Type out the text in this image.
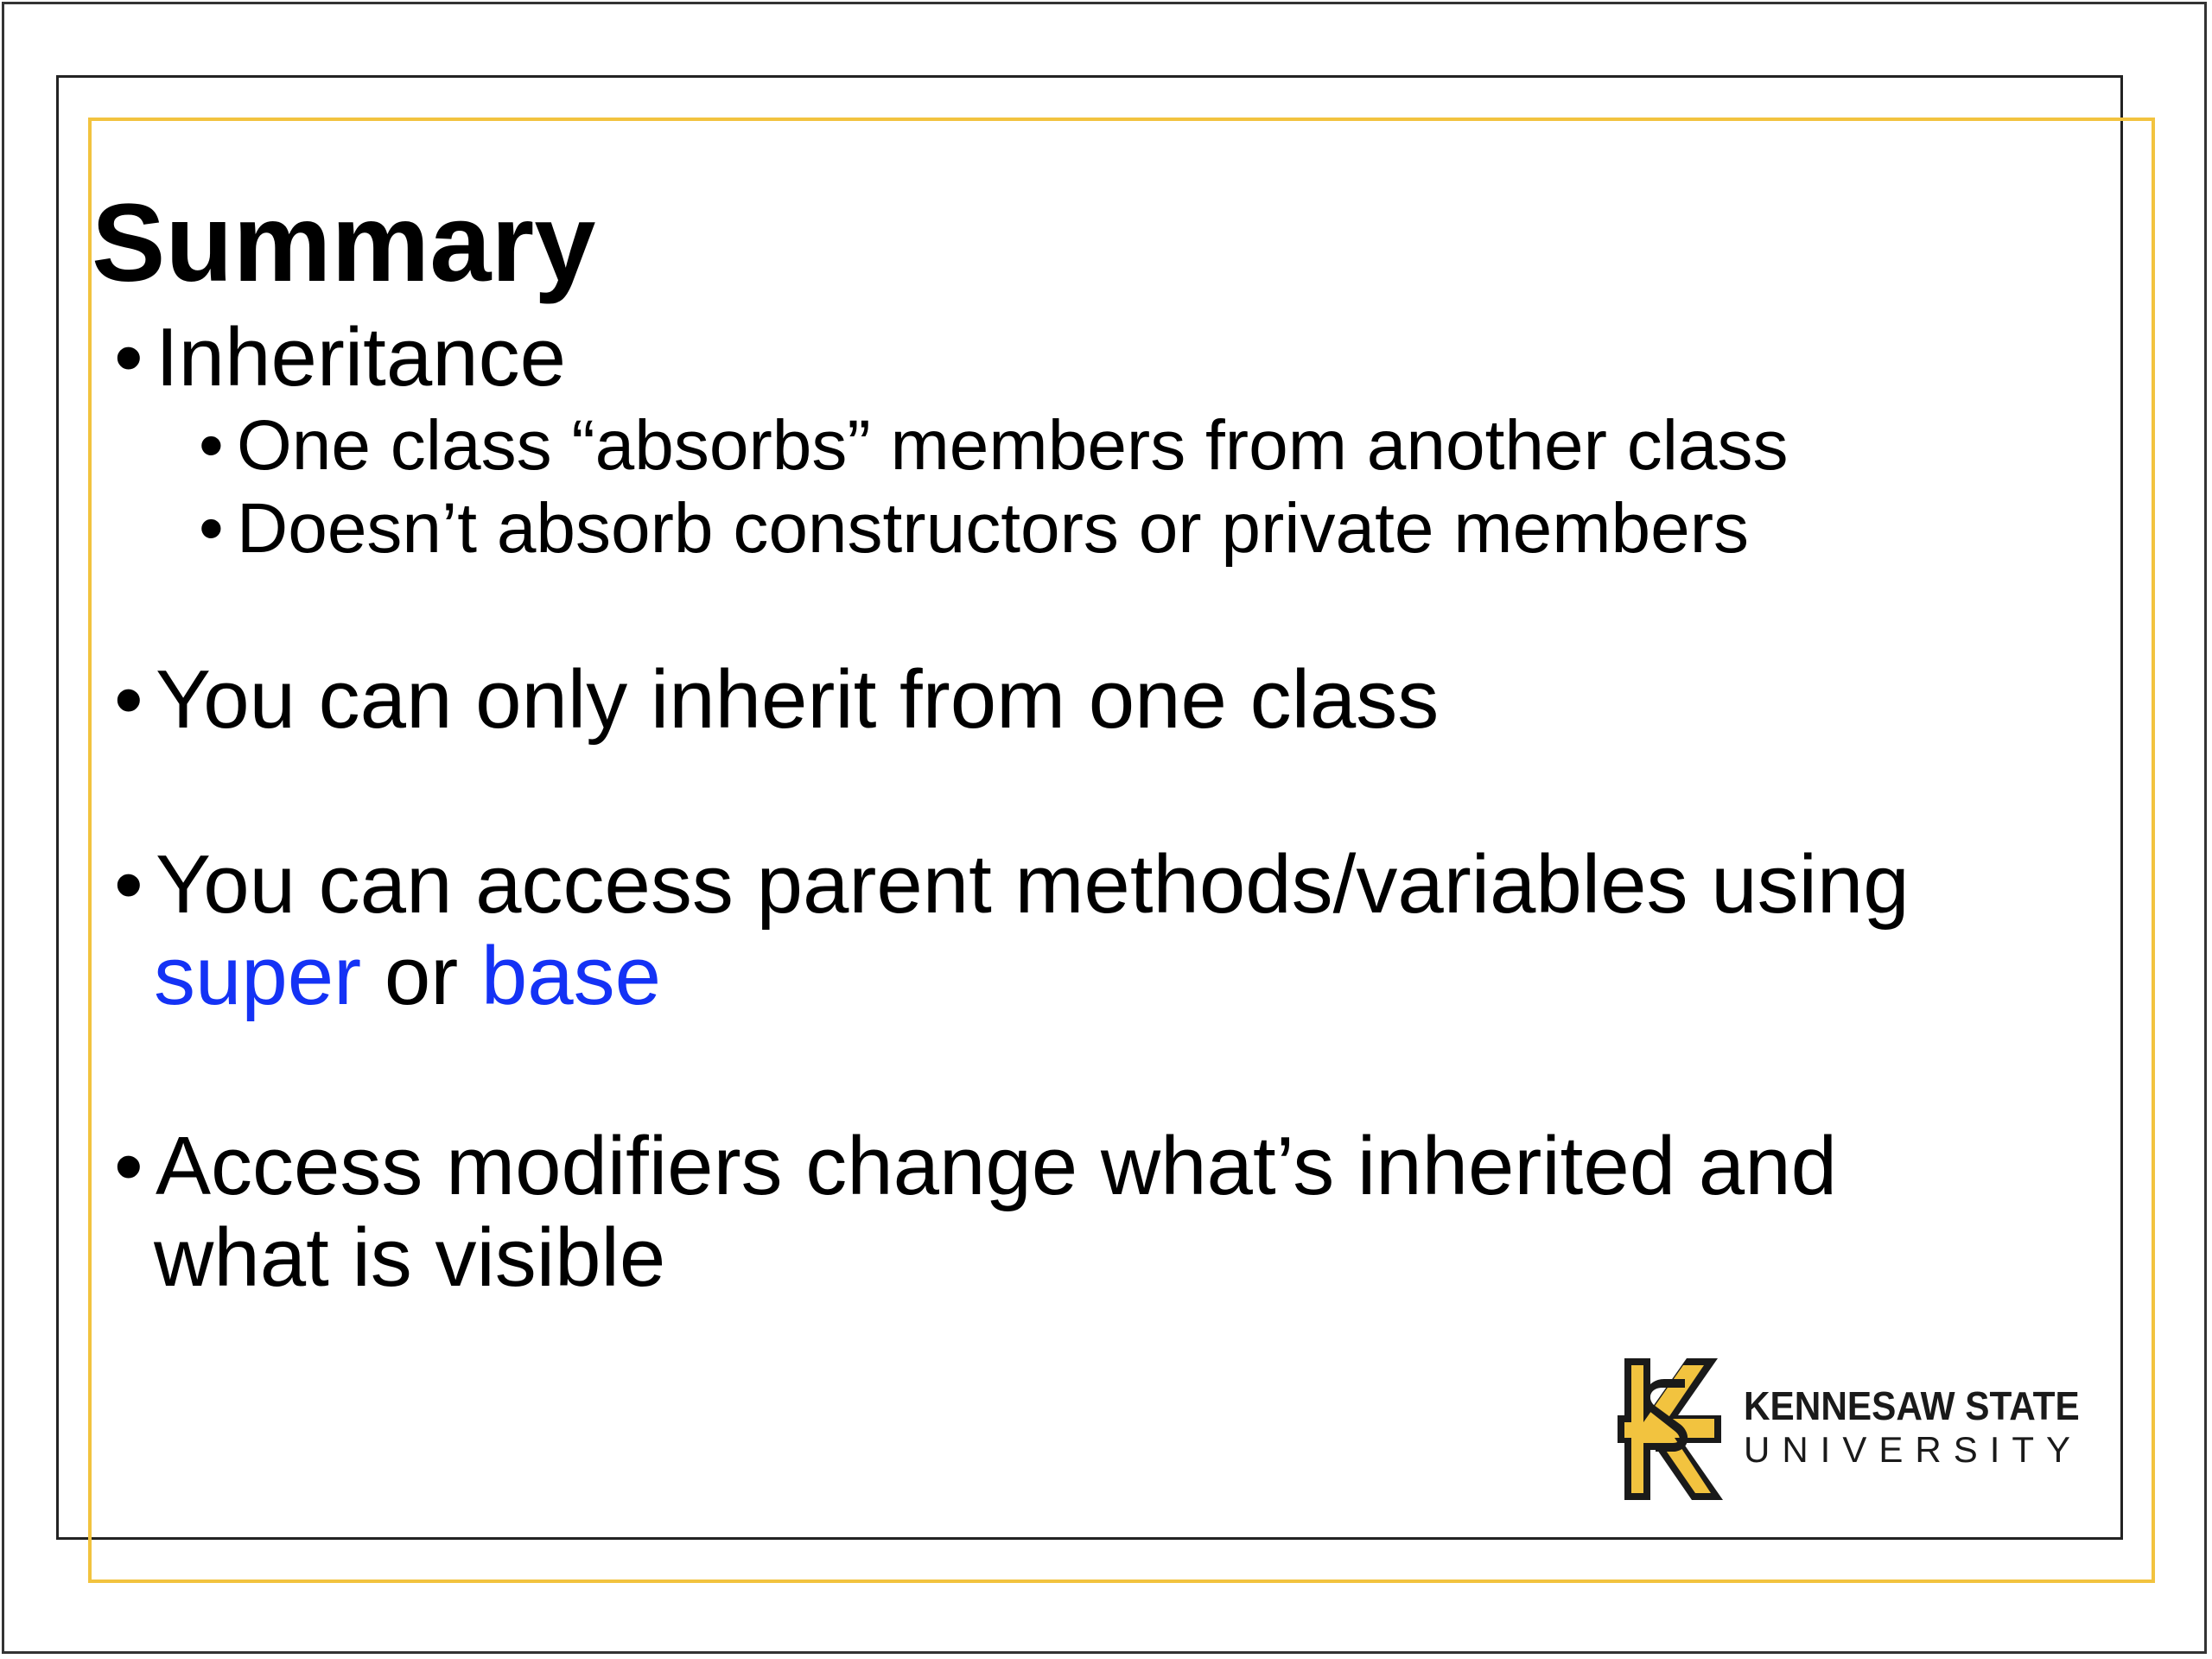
Summary
• Inheritance
• One class “absorbs” members from another class
• Doesn’t absorb constructors or private members
• You can only inherit from one class
• You can access parent methods/variables using
super or base
• Access modifiers change what’s inherited and
what is visible
KENNESAW STATE
UNIVERSITY
